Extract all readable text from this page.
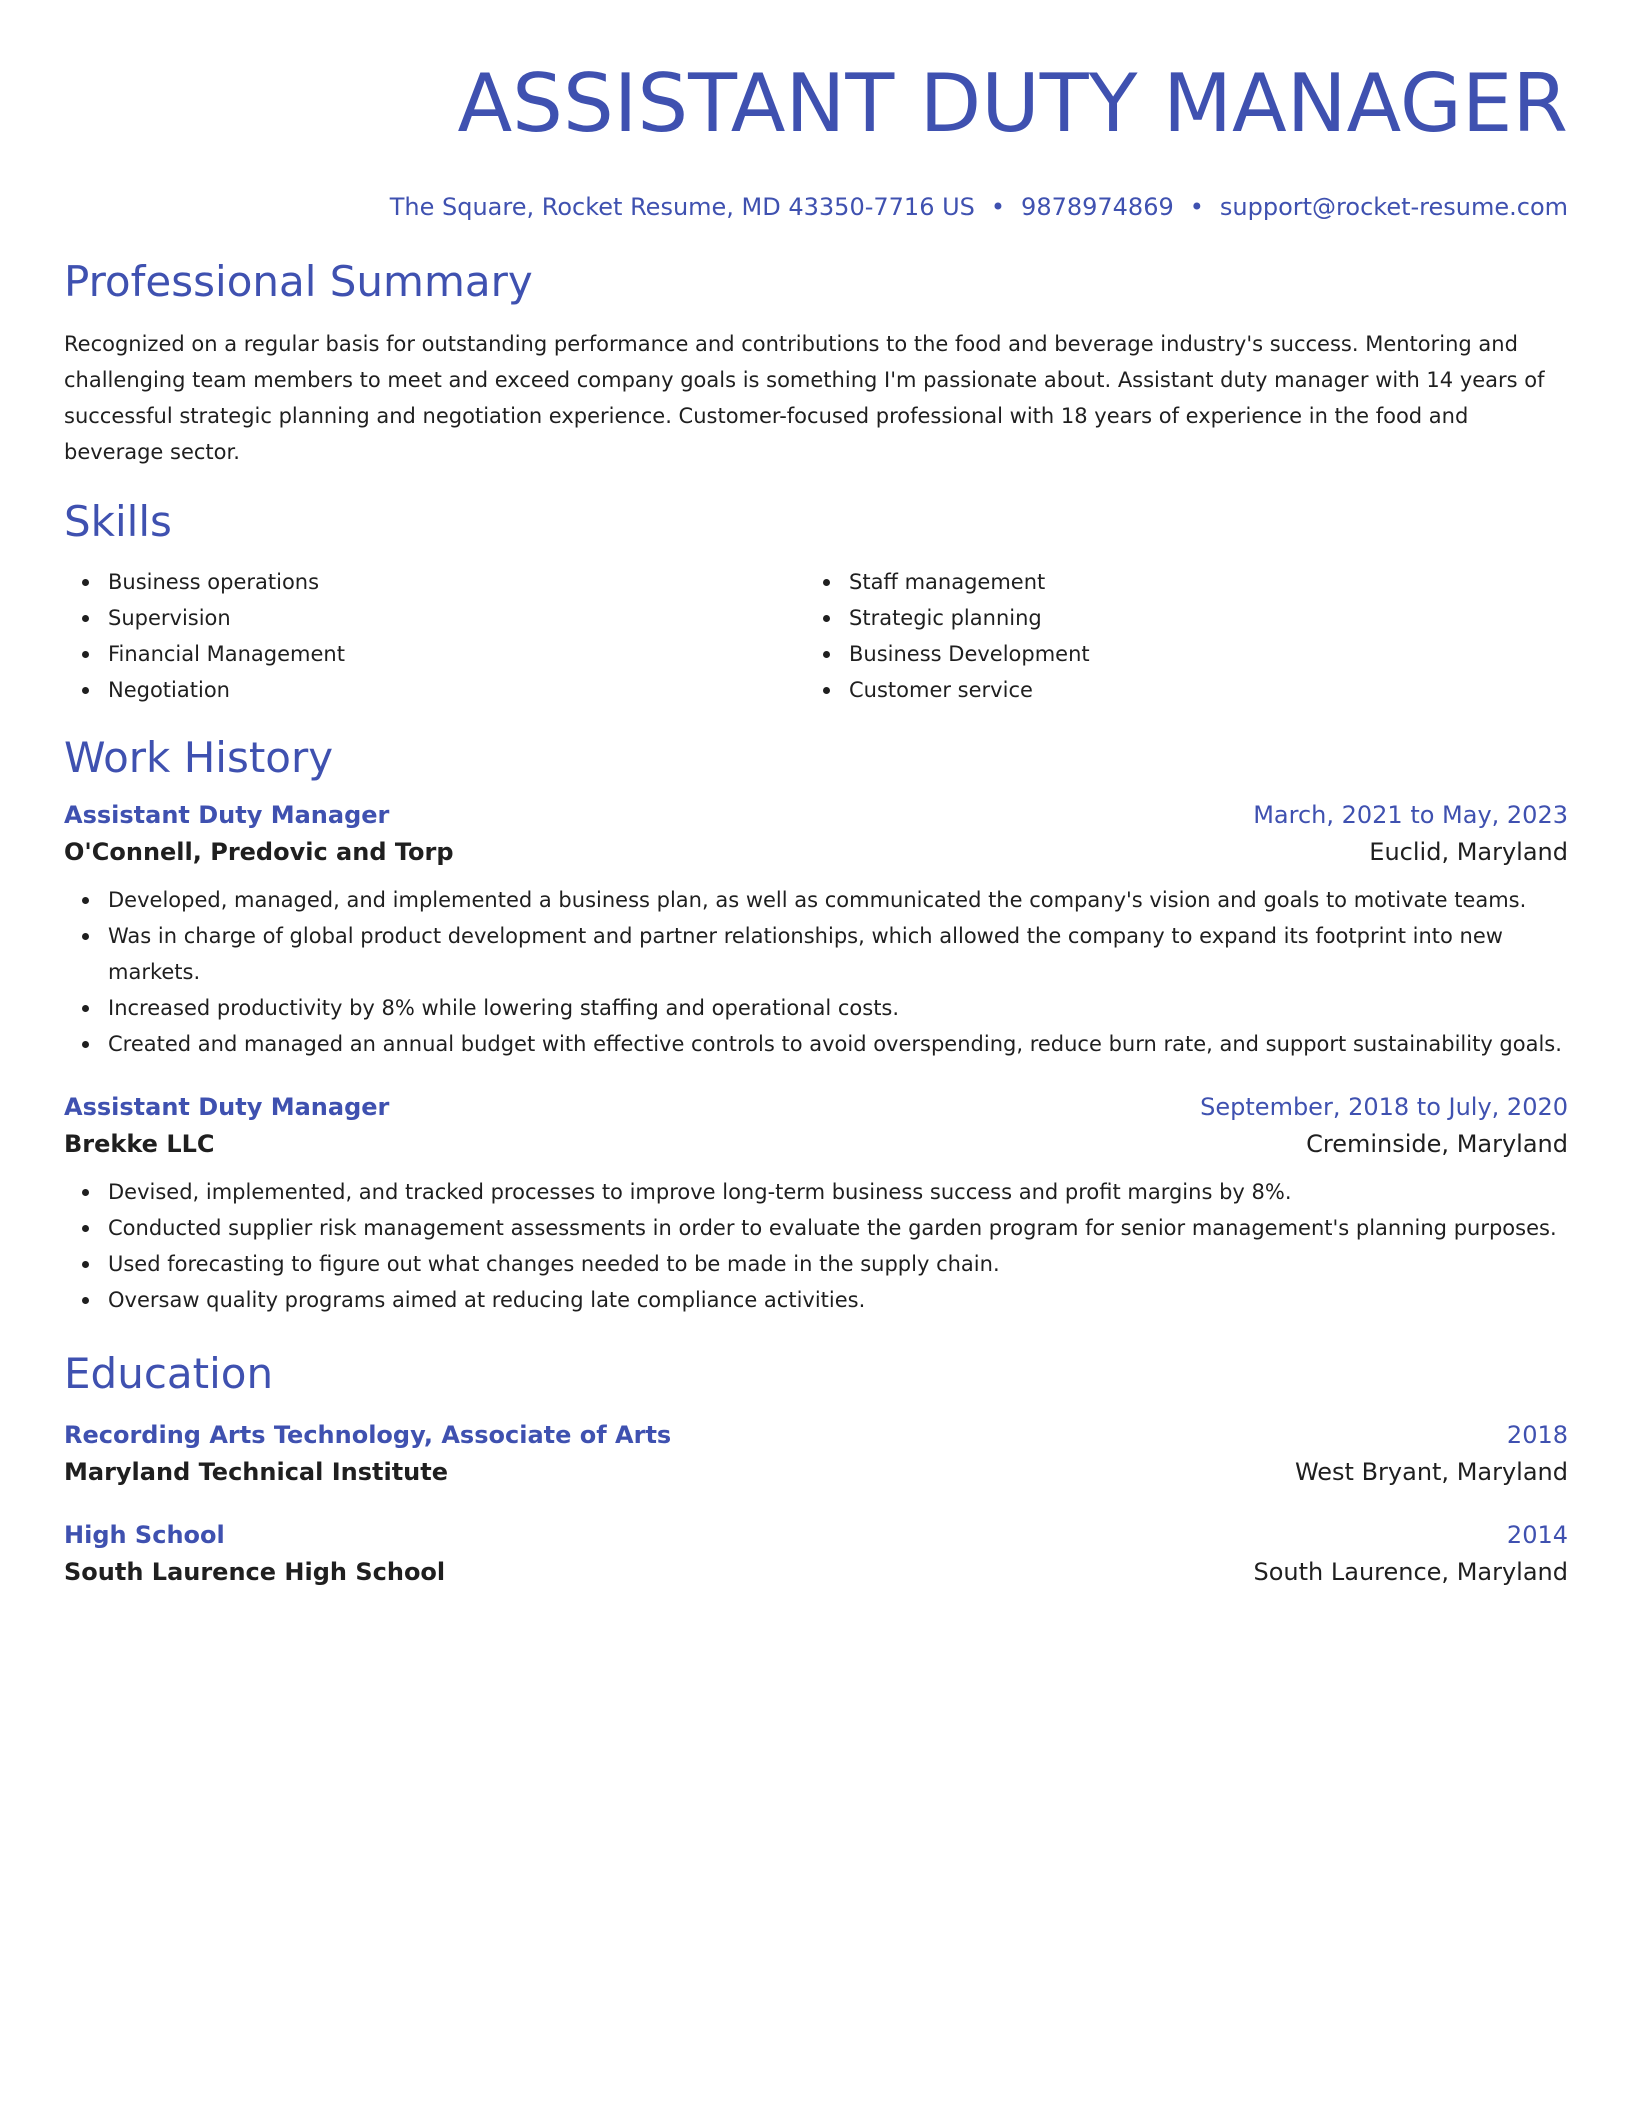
ASSISTANT DUTY MANAGER
The Square, Rocket Resume, MD 43350-7716 US • 9878974869 • support@rocket-resume.com
Professional Summary
Recognized on a regular basis for outstanding performance and contributions to the food and beverage industry's success. Mentoring and challenging team members to meet and exceed company goals is something I'm passionate about. Assistant duty manager with 14 years of successful strategic planning and negotiation experience. Customer-focused professional with 18 years of experience in the food and beverage sector.
Skills
Business operations
Supervision
Financial Management
Negotiation
Staff management
Strategic planning
Business Development
Customer service
Work History
Assistant Duty Manager	March, 2021 to May, 2023
O'Connell, Predovic and Torp	Euclid, Maryland
Developed, managed, and implemented a business plan, as well as communicated the company's vision and goals to motivate teams.
Was in charge of global product development and partner relationships, which allowed the company to expand its footprint into new markets.
Increased productivity by 8% while lowering staffing and operational costs.
Created and managed an annual budget with effective controls to avoid overspending, reduce burn rate, and support sustainability goals.
Assistant Duty Manager	September, 2018 to July, 2020
Brekke LLC	Creminside, Maryland
Devised, implemented, and tracked processes to improve long-term business success and profit margins by 8%.
Conducted supplier risk management assessments in order to evaluate the garden program for senior management's planning purposes.
Used forecasting to figure out what changes needed to be made in the supply chain.
Oversaw quality programs aimed at reducing late compliance activities.
Education
Recording Arts Technology, Associate of Arts	2018
Maryland Technical Institute	West Bryant, Maryland
High School	2014
South Laurence High School	South Laurence, Maryland
